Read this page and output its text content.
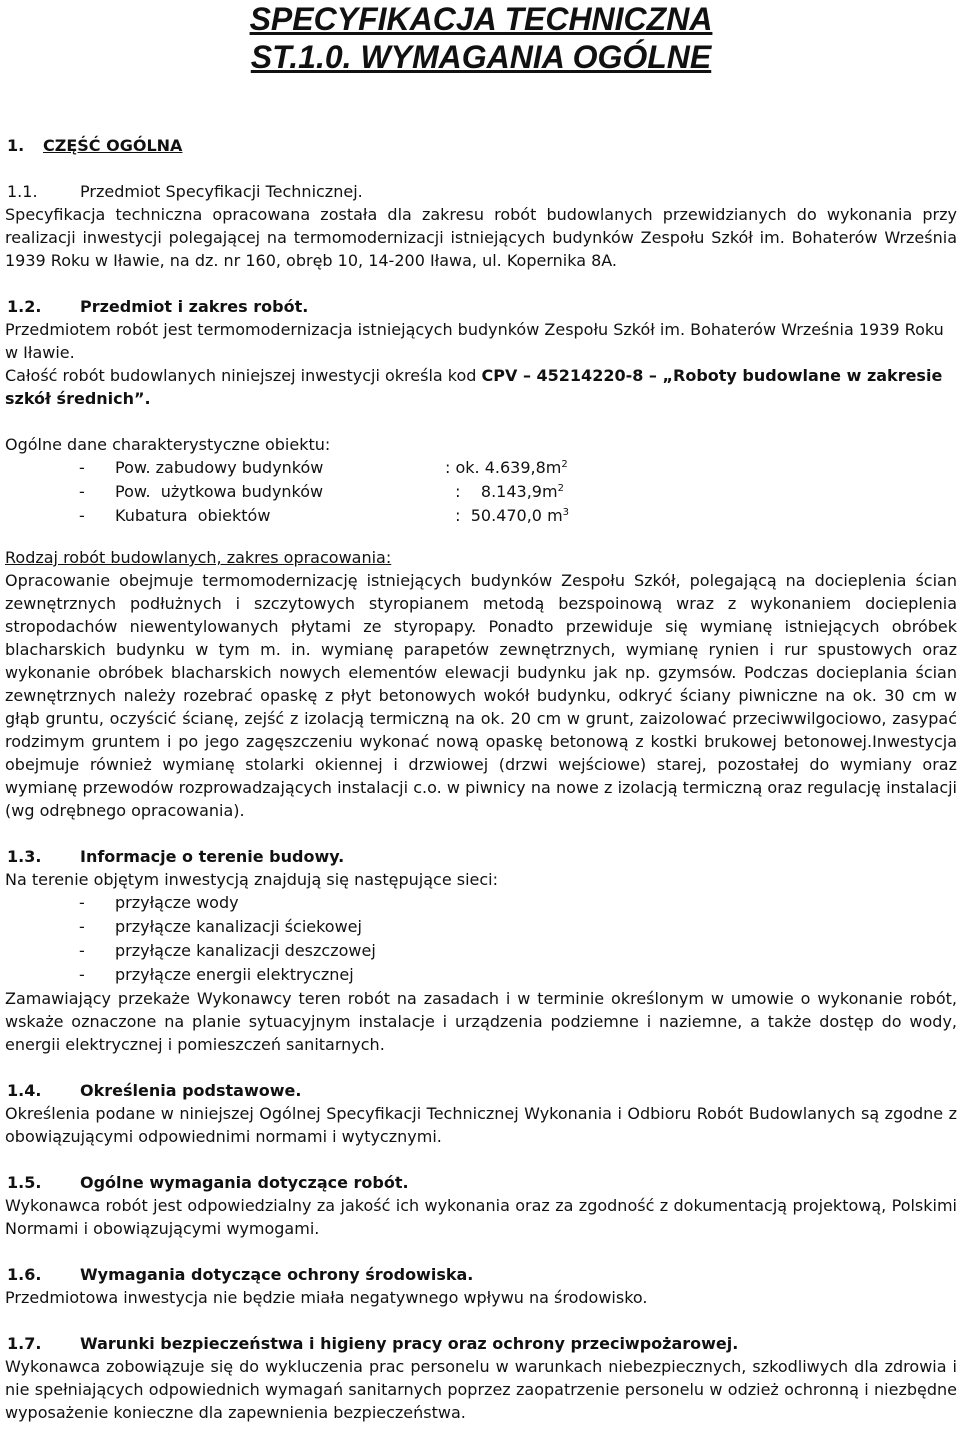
SPECYFIKACJA TECHNICZNA
ST.1.0. WYMAGANIA OGÓLNE
1. CZĘŚĆ OGÓLNA
1.1.	Przedmiot Specyfikacji Technicznej.

Specyfikacja techniczna opracowana została dla zakresu robót budowlanych przewidzianych do wykonania przy realizacji inwestycji polegającej na termomodernizacji istniejących budynków Zespołu Szkół im. Bohaterów Września 1939 Roku w Iławie, na dz. nr 160, obręb 10, 14-200 Iława, ul. Kopernika 8A.

1.2. Przedmiot i zakres robót.

Przedmiotem robót jest termomodernizacja istniejących budynków Zespołu Szkół im. Bohaterów Września 1939 Roku w Iławie.

Całość robót budowlanych niniejszej inwestycji określa kod CPV – 45214220-8 – „Roboty budowlane w zakresie szkół średnich”.

Ogólne dane charakterystyczne obiektu:

- Pow. zabudowy budynków	: ok. $4.639,8m^2$
- Pow.  użytkowa budynków	:    $8.143,9m^2$
- Kubatura  obiektów	:  50.470,0 $m^3$

Rodzaj robót budowlanych, zakres opracowania:

Opracowanie obejmuje termomodernizację istniejących budynków Zespołu Szkół, polegającą na docieplenia ścian zewnętrznych podłużnych i szczytowych styropianem metodą bezspoinową wraz z wykonaniem docieplenia stropodachów niewentylowanych płytami ze styropapy. Ponadto przewiduje się wymianę istniejących obróbek blacharskich budynku w tym m. in. wymianę parapetów zewnętrznych, wymianę rynien i rur spustowych oraz wykonanie obróbek blacharskich nowych elementów elewacji budynku jak np. gzymsów. Podczas docieplania ścian zewnętrznych należy rozebrać opaskę z płyt betonowych wokół budynku, odkryć ściany piwniczne na ok. 30 cm w głąb gruntu, oczyścić ścianę, zejść z izolacją termiczną na ok. 20 cm w grunt, zaizolować przeciwwilgociowo, zasypać rodzimym gruntem i po jego zagęszczeniu wykonać nową opaskę betonową z kostki brukowej betonowej.Inwestycja obejmuje również wymianę stolarki okiennej i drzwiowej (drzwi wejściowe) starej, pozostałej do wymiany oraz wymianę przewodów rozprowadzających instalacji c.o. w piwnicy na nowe z izolacją termiczną oraz regulację instalacji (wg odrębnego opracowania).

1.3. Informacje o terenie budowy.

Na terenie objętym inwestycją znajdują się następujące sieci:

- przyłącze wody
- przyłącze kanalizacji ściekowej
- przyłącze kanalizacji deszczowej
- przyłącze energii elektrycznej

Zamawiający przekaże Wykonawcy teren robót na zasadach i w terminie określonym w umowie o wykonanie robót, wskaże oznaczone na planie sytuacyjnym instalacje i urządzenia podziemne i naziemne, a także dostęp do wody, energii elektrycznej i pomieszczeń sanitarnych.

1.4. Określenia podstawowe.

Określenia podane w niniejszej Ogólnej Specyfikacji Technicznej Wykonania i Odbioru Robót Budowlanych są zgodne z obowiązującymi odpowiednimi normami i wytycznymi.

1.5. Ogólne wymagania dotyczące robót.

Wykonawca robót jest odpowiedzialny za jakość ich wykonania oraz za zgodność z dokumentacją projektową, Polskimi Normami i obowiązującymi wymogami.

1.6. Wymagania dotyczące ochrony środowiska.

Przedmiotowa inwestycja nie będzie miała negatywnego wpływu na środowisko.

1.7. Warunki bezpieczeństwa i higieny pracy oraz ochrony przeciwpożarowej.

Wykonawca zobowiązuje się do wykluczenia prac personelu w warunkach niebezpiecznych, szkodliwych dla zdrowia i nie spełniających odpowiednich wymagań sanitarnych poprzez zaopatrzenie personelu w odzież ochronną i niezbędne wyposażenie konieczne dla zapewnienia bezpieczeństwa.
